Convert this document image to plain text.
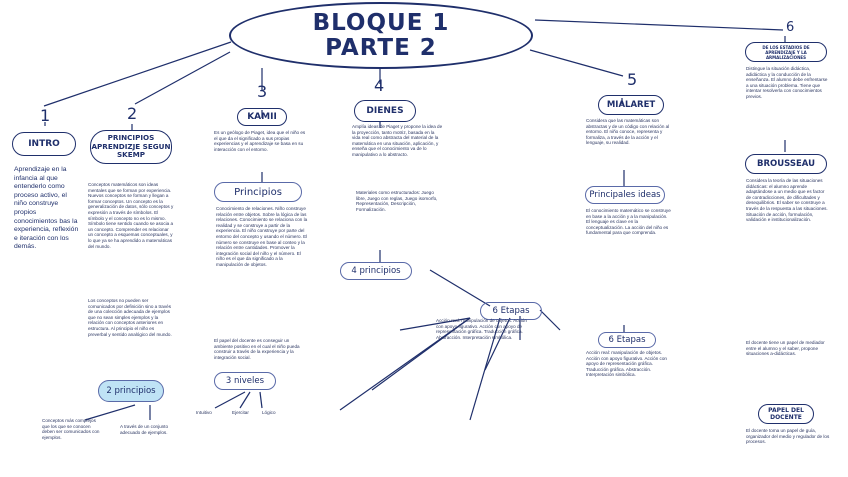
BLOQUE 1
PARTE 2
1	2
3	4	5
6
INTRO
PRINCIPIOS APRENDIZJE SEGUN SKEMP
KAMII
DIENES
MIALARET
DE LOS ESTADIOS DE APRENDIZAJE Y LA ARMALIZACIONES
BROUSSEAU
Principios
4 principios
6 Etapas
Principales ideas
2 principios
3 niveles
6 Etapas
PAPEL DEL DOCENTE
Aprendizaje en la infancia al que entenderlo como proceso activo, el niño construye propios conocimientos bas la experiencia, reflexión e iteración con los demás.
Conceptos matemáticos son ideas mentales que se forman por experiencia. Nuevos conceptos se forman y llegan a formar conceptos. Un concepto es la generalización de datos, sólo conceptos y expresión a través de símbolos. El símbolo y el concepto no es lo mismo. Símbolo tiene sentido cuando se asocia a un concepto. Comprender es relacionar un concepto a esquemas conceptuales, y lo que ya se ha aprendido a matemáticas del mundo.
Los conceptos no pueden ser comunicados por definición sino a través de una colección adecuada de ejemplos que no sean simples ejemplos y la relación con conceptos anteriores en estructura. Al principio el niño es preverbal y sentido analógico del mundo.
Conceptos más complejos que los que se conocen deben ser comunicados con ejemplos.
A través de un conjunto adecuado de ejemplos.
Es un geólogo de Piaget, idea que el niño es el que da el significado a sus propias experiencias y el aprendizaje se basa en su interacción con el entorno.
Conocimiento de relaciones. Niño construye relación entre objetos. Sobre la lógica de las relaciones. Conocimiento se relaciona con la realidad y se construye a partir de la experiencia. El niño construye por parte del entorno del concepto y usando el número. El número se construye en base al conteo y la relación entre cantidades. Promover la integración social del niño y el número. El niño es el que da significado a la manipulación de objetos.
El papel del docente es conseguir un ambiente positivo en el cual el niño pueda construir a través de la experiencia y la integración social.
Intuitivo	Ejercitar	Lógico
Amplía ideas de Piaget y propone la idea de la proyección, tanto motriz, basada en la vida real como abstracta del material de la matemática en una situación, aplicación, y enseña que el conocimiento va de lo manipulativo a lo abstracto.
Materiales como estructurados: Juego libre, Juego con reglas, Juego isomorfo, Representación, Descripción, Formalización.
Acción real: manipulación de objetos. Acción con apoyo figurativo. Acción con apoyo de representación gráfica. Traducción gráfica. Abstracción. Interpretación simbólica.
Considera que las matemáticas son abstractas y de un código con relación al entorno. El niño conoce, representa y formaliza, a través de la acción y el lenguaje, su realidad.
El conocimiento matemático se construye en base a la acción y a la manipulación. El lenguaje es clave en la conceptualización. La acción del niño es fundamental para que comprenda.
Acción real: manipulación de objetos. Acción con apoyo figurativo. Acción con apoyo de representación gráfica. Traducción gráfica. Abstracción. Interpretación simbólica.
Distingue la situación didáctica, adidáctica y la conducción de la enseñanza. El alumno debe enfrentarse a una situación problema. Tiene que intentar resolverla con conocimientos previos.
Considera la teoría de las situaciones didácticas: el alumno aprende adaptándose a un medio que es factor de contradicciones, de dificultades y desequilibrios. El saber se construye a través de la respuesta a las situaciones. Situación de acción, formulación, validación e institucionalización.
El docente tiene un papel de mediador entre el alumno y el saber, propone situaciones a-didácticas.
El docente toma un papel de guía, organizador del medio y regulador de los procesos.
